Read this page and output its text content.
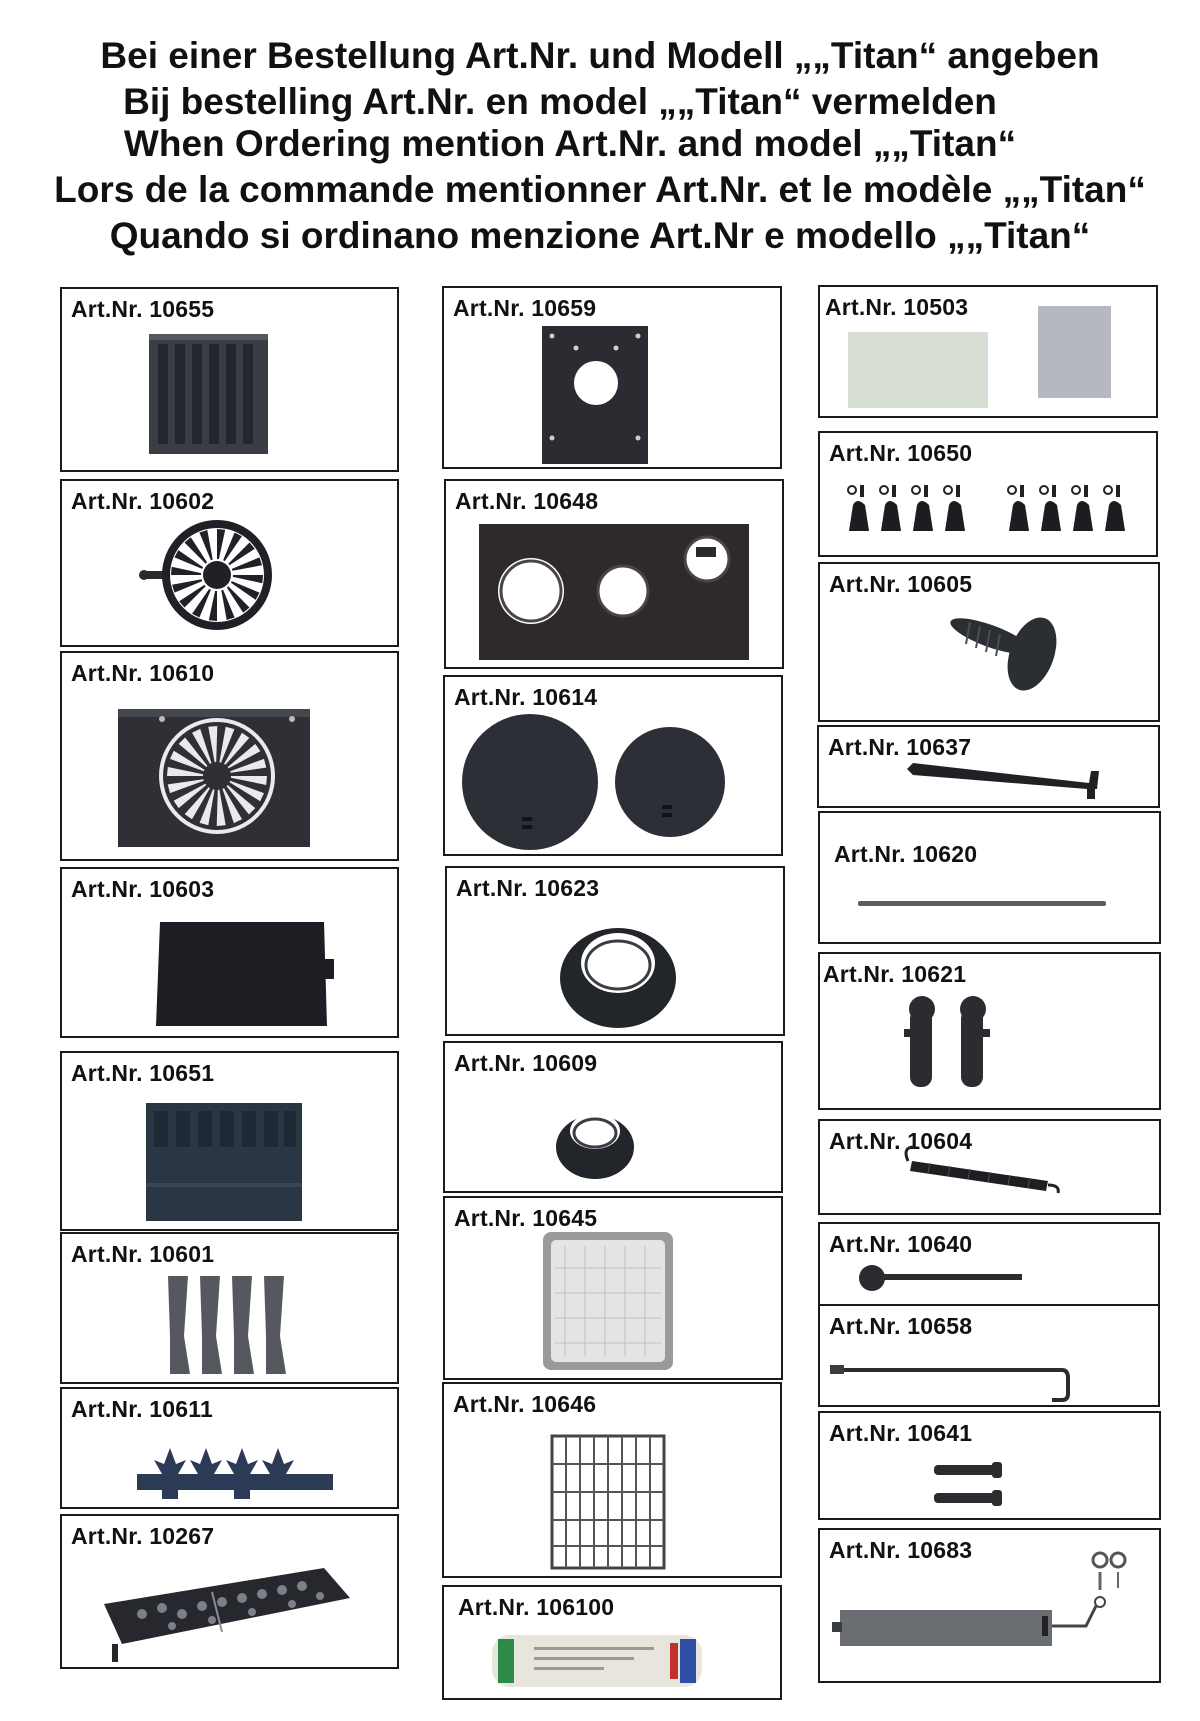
Bei einer Bestellung Art.Nr. und Modell „„Titan“ angeben
Bij bestelling Art.Nr. en model „„Titan“ vermelden
When Ordering mention Art.Nr. and model „„Titan“
Lors de la commande mentionner Art.Nr. et le modèle „„Titan“
Quando si ordinano menzione Art.Nr e modello „„Titan“
Art.Nr. 10655
Art.Nr. 10602
Art.Nr. 10610
Art.Nr. 10603
Art.Nr. 10651
Art.Nr. 10601
Art.Nr. 10611
Art.Nr. 10267
Art.Nr. 10659
Art.Nr. 10648
Art.Nr. 10614
Art.Nr. 10623
Art.Nr. 10609
Art.Nr. 10645
Art.Nr. 10646
Art.Nr. 106100
Art.Nr. 10503
Art.Nr. 10650
Art.Nr. 10605
Art.Nr. 10637
Art.Nr. 10620
Art.Nr. 10621
Art.Nr. 10604
Art.Nr. 10640
Art.Nr. 10658
Art.Nr. 10641
Art.Nr. 10683
